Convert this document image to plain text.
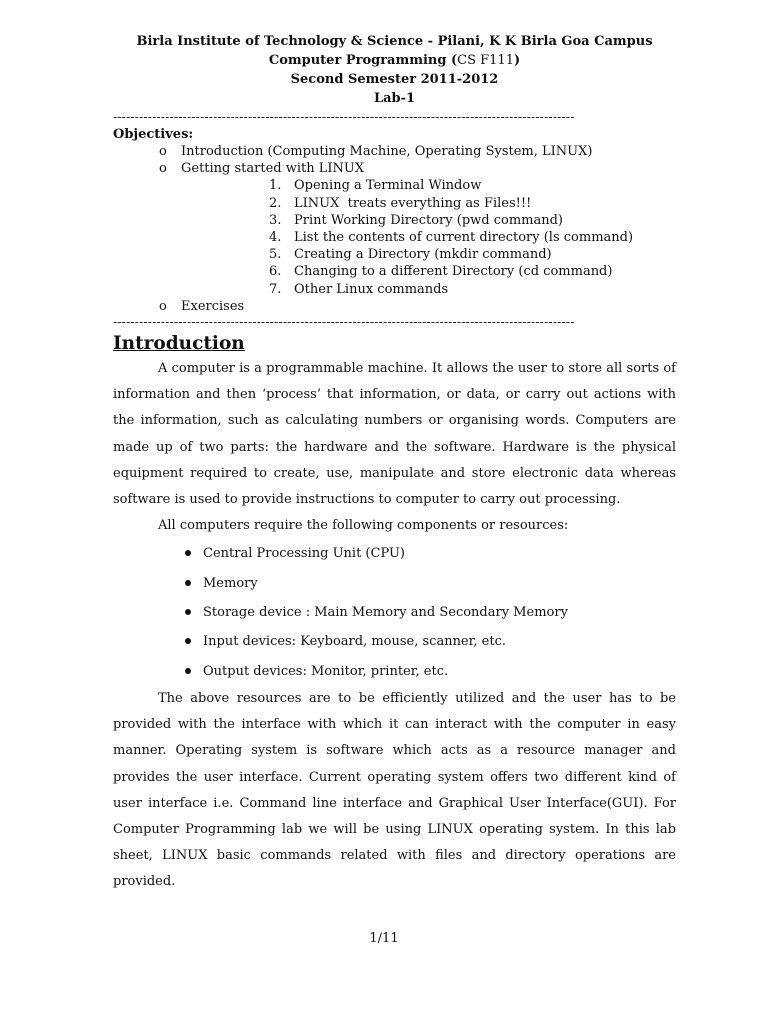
Birla Institute of Technology & Science - Pilani, K K Birla Goa Campus
Computer Programming (CS F111)
Second Semester 2011-2012
Lab-1
----------------------------------------------------------------------------------------------------------
Objectives:
o Introduction (Computing Machine, Operating System, LINUX)
o Getting started with LINUX
1. Opening a Terminal Window
2. LINUX  treats everything as Files!!!
3. Print Working Directory (pwd command)
4. List the contents of current directory (ls command)
5. Creating a Directory (mkdir command)
6. Changing to a different Directory (cd command)
7. Other Linux commands
o Exercises
----------------------------------------------------------------------------------------------------------
Introduction

A computer is a programmable machine. It allows the user to store all sorts of information and then ‘process’ that information, or data, or carry out actions with the information, such as calculating numbers or organising words. Computers are made up of two parts: the hardware and the software. Hardware is the physical equipment required to create, use, manipulate and store electronic data whereas software is used to provide instructions to computer to carry out processing.

All computers require the following components or resources:

Central Processing Unit (CPU)
Memory
Storage device : Main Memory and Secondary Memory
Input devices: Keyboard, mouse, scanner, etc.
Output devices: Monitor, printer, etc.

The above resources are to be efficiently utilized and the user has to be provided with the interface with which it can interact with the computer in easy manner. Operating system is software which acts as a resource manager and provides the user interface. Current operating system offers two different kind of user interface i.e. Command line interface and Graphical User Interface(GUI). For Computer Programming lab we will be using LINUX operating system. In this lab sheet, LINUX basic commands related with files and directory operations are provided.

1/11
